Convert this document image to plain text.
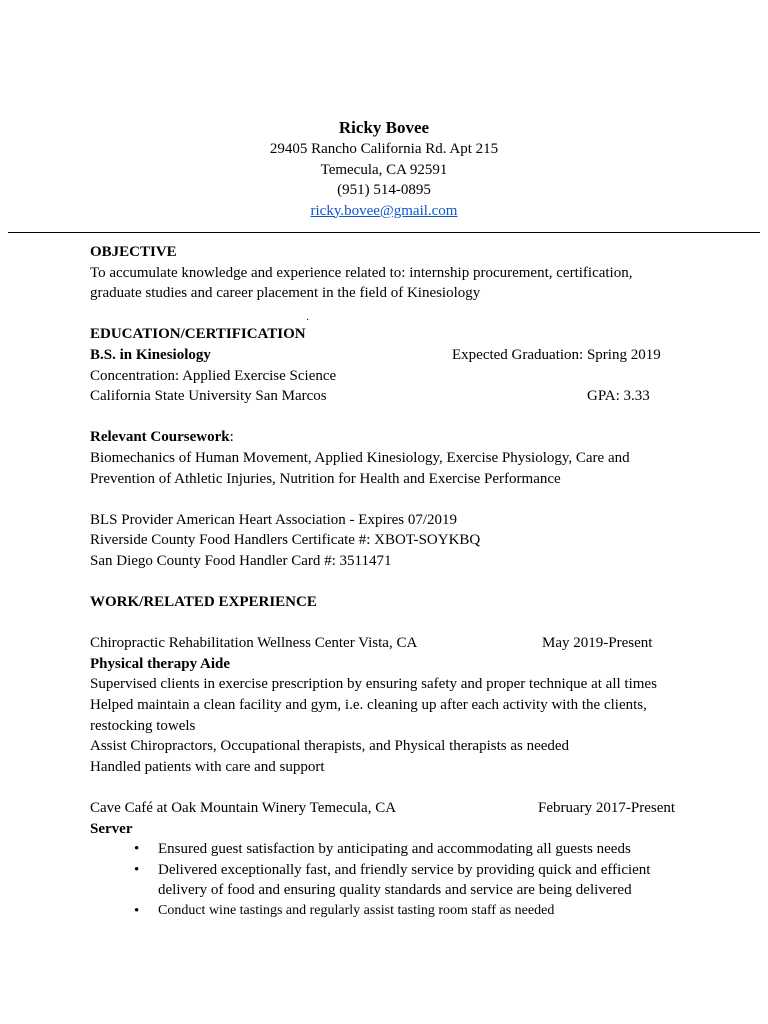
Ricky Bovee
29405 Rancho California Rd. Apt 215
Temecula, CA 92591
(951) 514-0895
ricky.bovee@gmail.com
OBJECTIVE
To accumulate knowledge and experience related to: internship procurement, certification,
graduate studies and career placement in the field of Kinesiology
EDUCATION/CERTIFICATION
B.S. in Kinesiology	Expected Graduation: Spring 2019
Concentration: Applied Exercise Science
California State University San Marcos	GPA: 3.33
Relevant Coursework:
Biomechanics of Human Movement, Applied Kinesiology, Exercise Physiology, Care and
Prevention of Athletic Injuries, Nutrition for Health and Exercise Performance
BLS Provider American Heart Association - Expires 07/2019
Riverside County Food Handlers Certificate #: XBOT-SOYKBQ
San Diego County Food Handler Card #: 3511471
WORK/RELATED EXPERIENCE
Chiropractic Rehabilitation Wellness Center Vista, CA	May 2019-Present
Physical therapy Aide
Supervised clients in exercise prescription by ensuring safety and proper technique at all times
Helped maintain a clean facility and gym, i.e. cleaning up after each activity with the clients,
restocking towels
Assist Chiropractors, Occupational therapists, and Physical therapists as needed
Handled patients with care and support
Cave Café at Oak Mountain Winery Temecula, CA	February 2017-Present
Server
• Ensured guest satisfaction by anticipating and accommodating all guests needs
• Delivered exceptionally fast, and friendly service by providing quick and efficient
delivery of food and ensuring quality standards and service are being delivered
• Conduct wine tastings and regularly assist tasting room staff as needed
·
